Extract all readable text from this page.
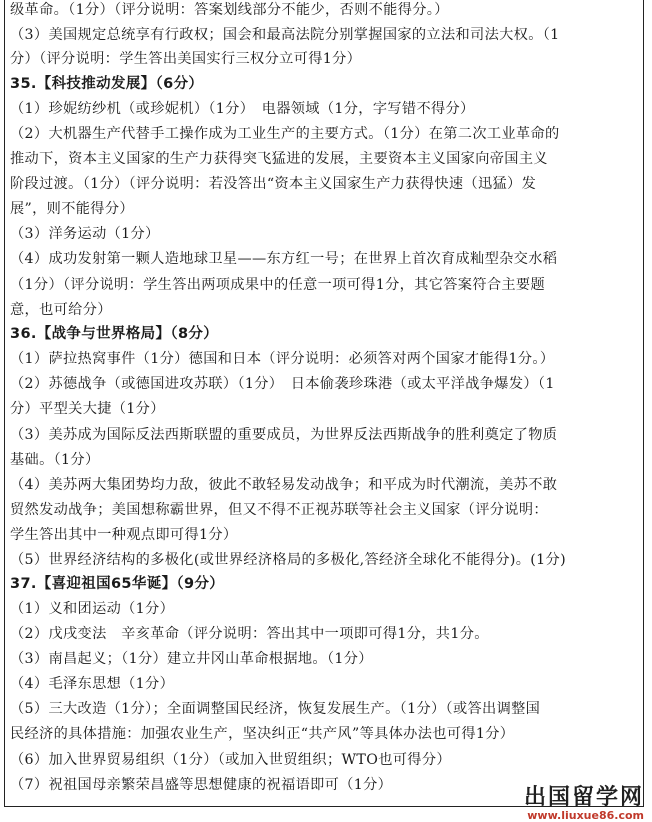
级革命。（1分）（评分说明：答案划线部分不能少，否则不能得分。）
（3）美国规定总统享有行政权；国会和最高法院分别掌握国家的立法和司法大权。（1
分）（评分说明：学生答出美国实行三权分立可得1分）
35.【科技推动发展】（6分）
（1）珍妮纺纱机（或珍妮机）（1分）　电器领域（1分，字写错不得分）
（2）大机器生产代替手工操作成为工业生产的主要方式。（1分）在第二次工业革命的
推动下，资本主义国家的生产力获得突飞猛进的发展，主要资本主义国家向帝国主义
阶段过渡。（1分）（评分说明：若没答出“资本主义国家生产力获得快速（迅猛）发
展”，则不能得分）
（3）洋务运动（1分）
（4）成功发射第一颗人造地球卫星——东方红一号；在世界上首次育成籼型杂交水稻
（1分）（评分说明：学生答出两项成果中的任意一项可得1分，其它答案符合主要题
意，也可给分）
36.【战争与世界格局】（8分）
（1）萨拉热窝事件（1分）德国和日本（评分说明：必须答对两个国家才能得1分。）
（2）苏德战争（或德国进攻苏联）（1分）　日本偷袭珍珠港（或太平洋战争爆发）（1
分）平型关大捷（1分）
（3）美苏成为国际反法西斯联盟的重要成员，为世界反法西斯战争的胜利奠定了物质
基础。（1分）
（4）美苏两大集团势均力敌，彼此不敢轻易发动战争；和平成为时代潮流，美苏不敢
贸然发动战争；美国想称霸世界，但又不得不正视苏联等社会主义国家（评分说明：
学生答出其中一种观点即可得1分）
（5）世界经济结构的多极化(或世界经济格局的多极化,答经济全球化不能得分)。(1分)
37.【喜迎祖国65华诞】（9分）
（1）义和团运动（1分）
（2）戊戌变法　辛亥革命（评分说明：答出其中一项即可得1分，共1分。
（3）南昌起义；（1分）建立井冈山革命根据地。（1分）
（4）毛泽东思想（1分）
（5）三大改造（1分）；全面调整国民经济，恢复发展生产。（1分）（或答出调整国
民经济的具体措施：加强农业生产，坚决纠正“共产风”等具体办法也可得1分）
（6）加入世界贸易组织（1分）（或加入世贸组织；WTO也可得分）
（7）祝祖国母亲繁荣昌盛等思想健康的祝福语即可（1分）	出国留学网
www.liuxue86.com
